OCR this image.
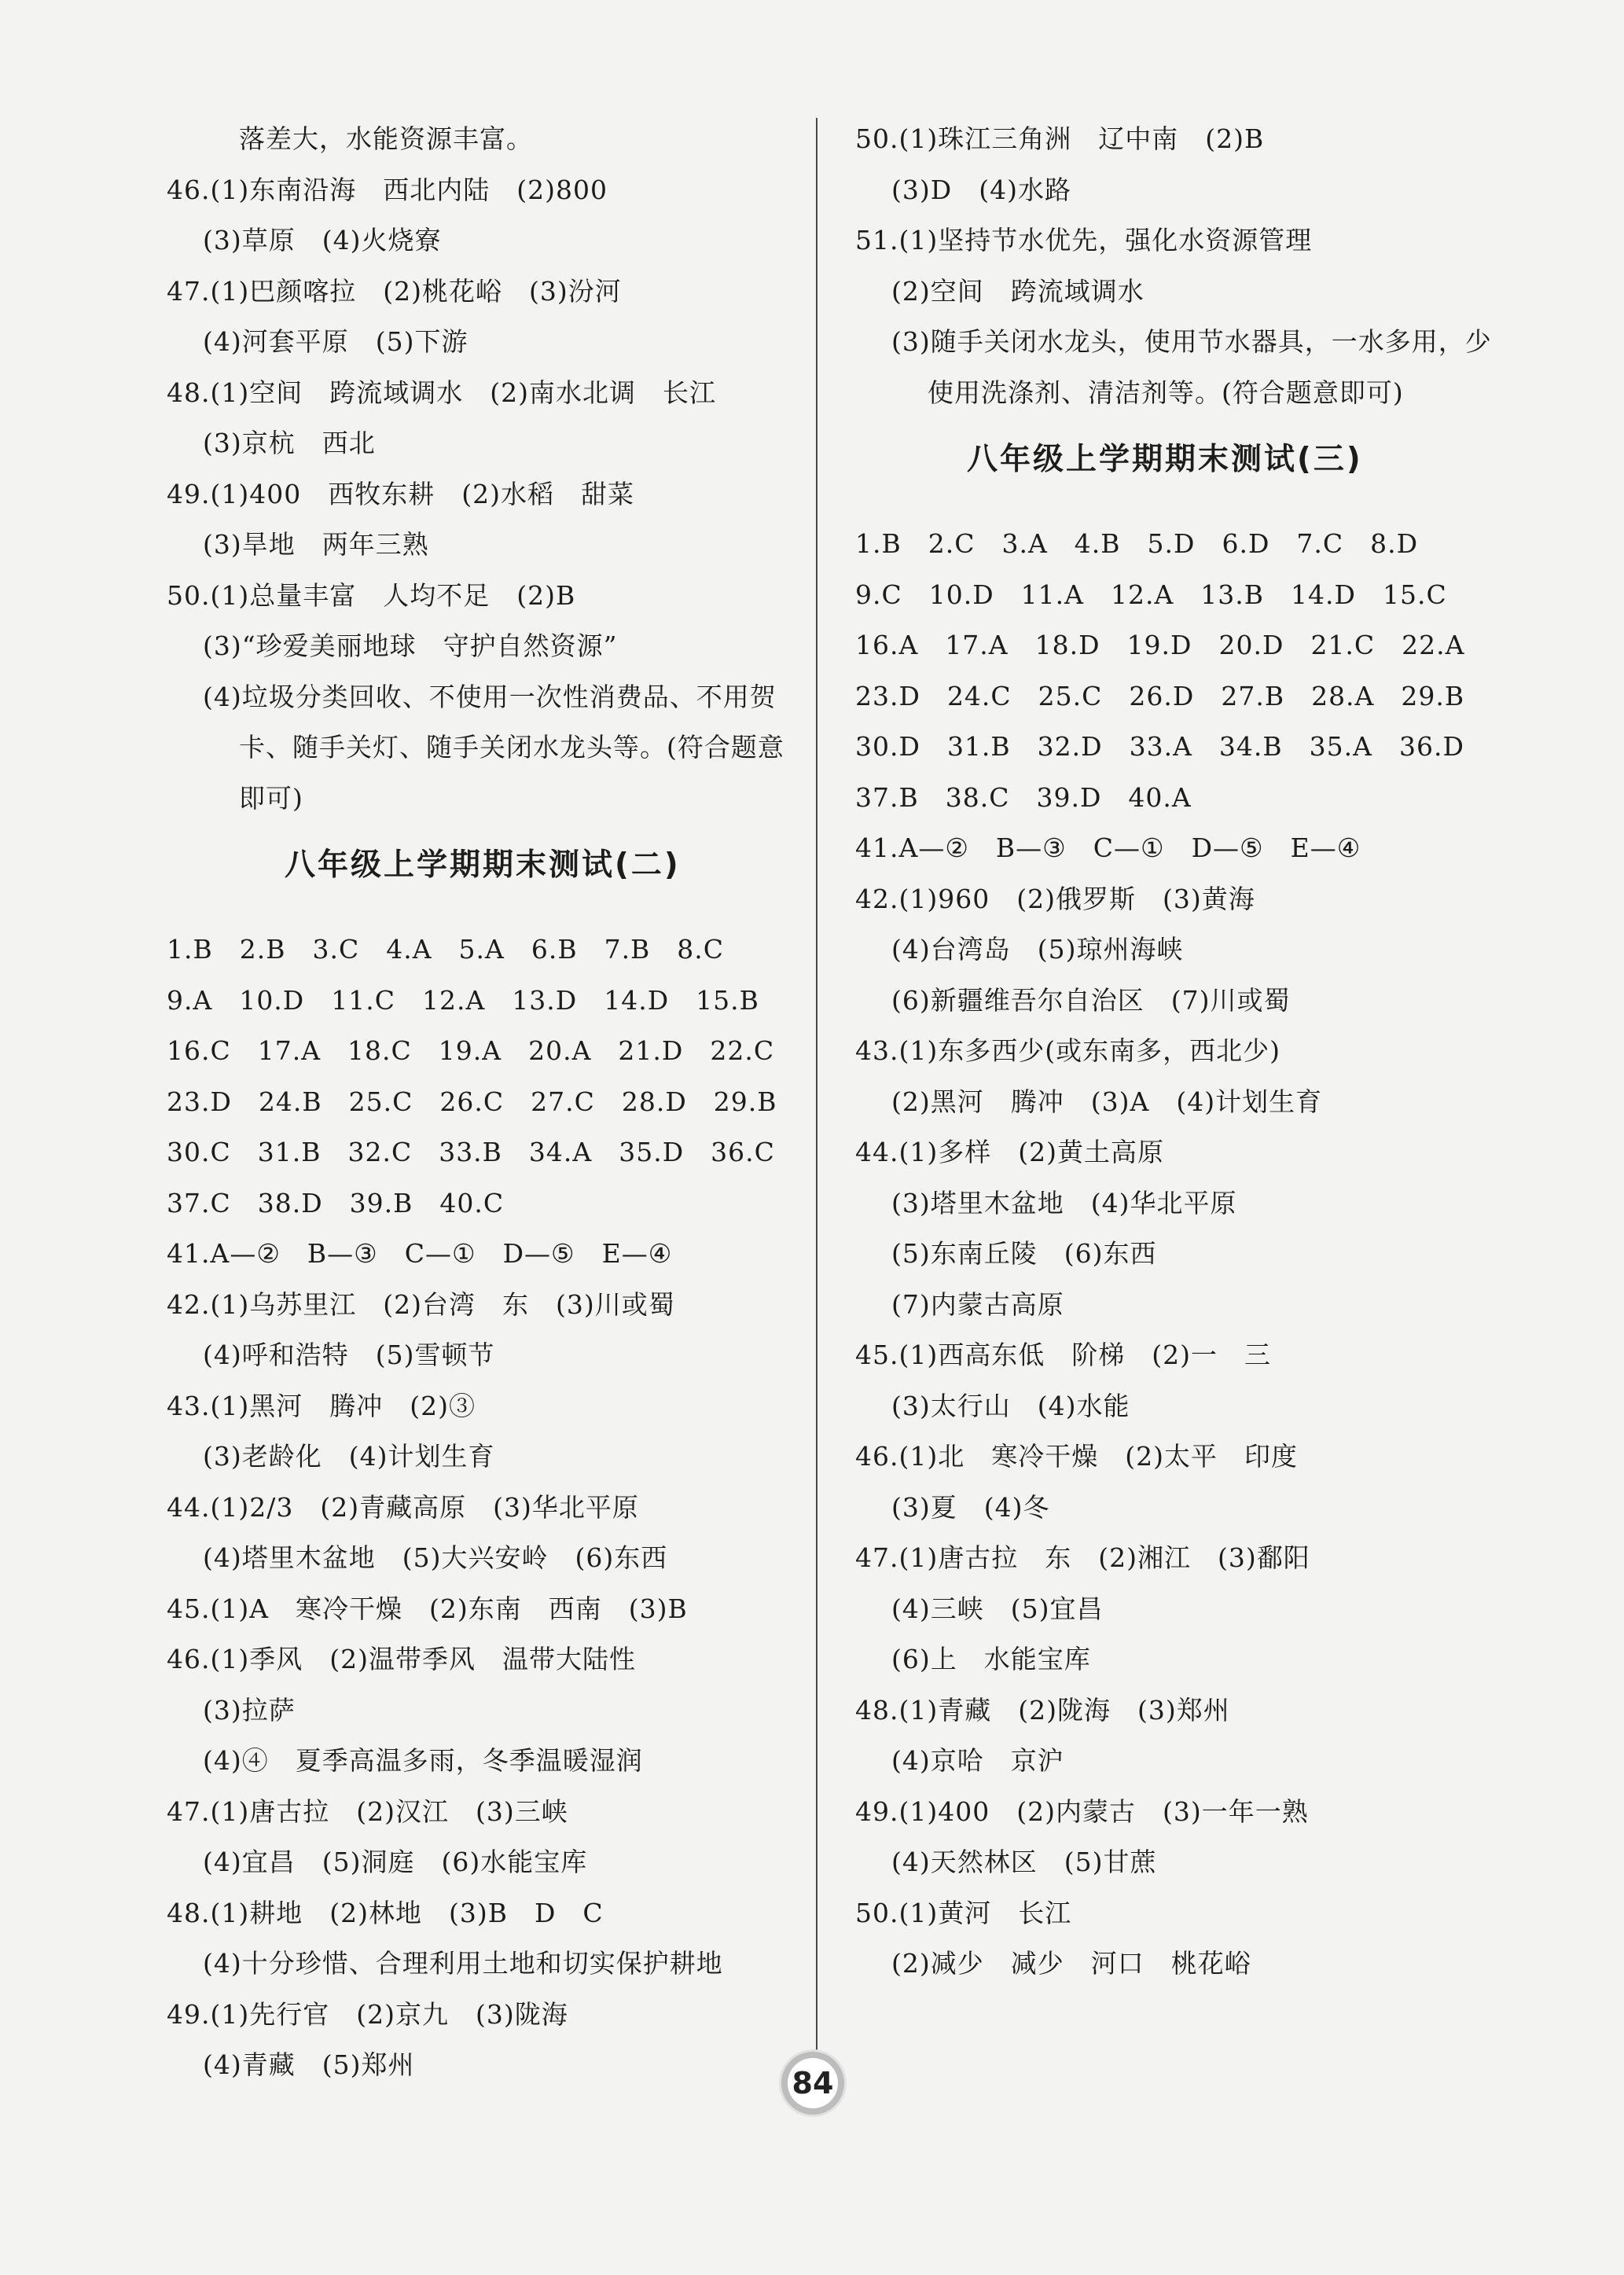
落差大，水能资源丰富。
46.(1)东南沿海　西北内陆　(2)800
(3)草原　(4)火烧寮
47.(1)巴颜喀拉　(2)桃花峪　(3)汾河
(4)河套平原　(5)下游
48.(1)空间　跨流域调水　(2)南水北调　长江
(3)京杭　西北
49.(1)400　西牧东耕　(2)水稻　甜菜
(3)旱地　两年三熟
50.(1)总量丰富　人均不足　(2)B
(3)“珍爱美丽地球　守护自然资源”
(4)垃圾分类回收、不使用一次性消费品、不用贺
卡、随手关灯、随手关闭水龙头等。(符合题意
即可)
八年级上学期期末测试(二)
1.B　2.B　3.C　4.A　5.A　6.B　7.B　8.C
9.A　10.D　11.C　12.A　13.D　14.D　15.B
16.C　17.A　18.C　19.A　20.A　21.D　22.C
23.D　24.B　25.C　26.C　27.C　28.D　29.B
30.C　31.B　32.C　33.B　34.A　35.D　36.C
37.C　38.D　39.B　40.C
41.A—②　B—③　C—①　D—⑤　E—④
42.(1)乌苏里江　(2)台湾　东　(3)川或蜀
(4)呼和浩特　(5)雪顿节
43.(1)黑河　腾冲　(2)③
(3)老龄化　(4)计划生育
44.(1)2/3　(2)青藏高原　(3)华北平原
(4)塔里木盆地　(5)大兴安岭　(6)东西
45.(1)A　寒冷干燥　(2)东南　西南　(3)B
46.(1)季风　(2)温带季风　温带大陆性
(3)拉萨
(4)④　夏季高温多雨，冬季温暖湿润
47.(1)唐古拉　(2)汉江　(3)三峡
(4)宜昌　(5)洞庭　(6)水能宝库
48.(1)耕地　(2)林地　(3)B　D　C
(4)十分珍惜、合理利用土地和切实保护耕地
49.(1)先行官　(2)京九　(3)陇海
(4)青藏　(5)郑州
50.(1)珠江三角洲　辽中南　(2)B
(3)D　(4)水路
51.(1)坚持节水优先，强化水资源管理
(2)空间　跨流域调水
(3)随手关闭水龙头，使用节水器具，一水多用，少
使用洗涤剂、清洁剂等。(符合题意即可)
八年级上学期期末测试(三)
1.B　2.C　3.A　4.B　5.D　6.D　7.C　8.D
9.C　10.D　11.A　12.A　13.B　14.D　15.C
16.A　17.A　18.D　19.D　20.D　21.C　22.A
23.D　24.C　25.C　26.D　27.B　28.A　29.B
30.D　31.B　32.D　33.A　34.B　35.A　36.D
37.B　38.C　39.D　40.A
41.A—②　B—③　C—①　D—⑤　E—④
42.(1)960　(2)俄罗斯　(3)黄海
(4)台湾岛　(5)琼州海峡
(6)新疆维吾尔自治区　(7)川或蜀
43.(1)东多西少(或东南多，西北少)
(2)黑河　腾冲　(3)A　(4)计划生育
44.(1)多样　(2)黄土高原
(3)塔里木盆地　(4)华北平原
(5)东南丘陵　(6)东西
(7)内蒙古高原
45.(1)西高东低　阶梯　(2)一　三
(3)太行山　(4)水能
46.(1)北　寒冷干燥　(2)太平　印度
(3)夏　(4)冬
47.(1)唐古拉　东　(2)湘江　(3)鄱阳
(4)三峡　(5)宜昌
(6)上　水能宝库
48.(1)青藏　(2)陇海　(3)郑州
(4)京哈　京沪
49.(1)400　(2)内蒙古　(3)一年一熟
(4)天然林区　(5)甘蔗
50.(1)黄河　长江
(2)减少　减少　河口　桃花峪
84
